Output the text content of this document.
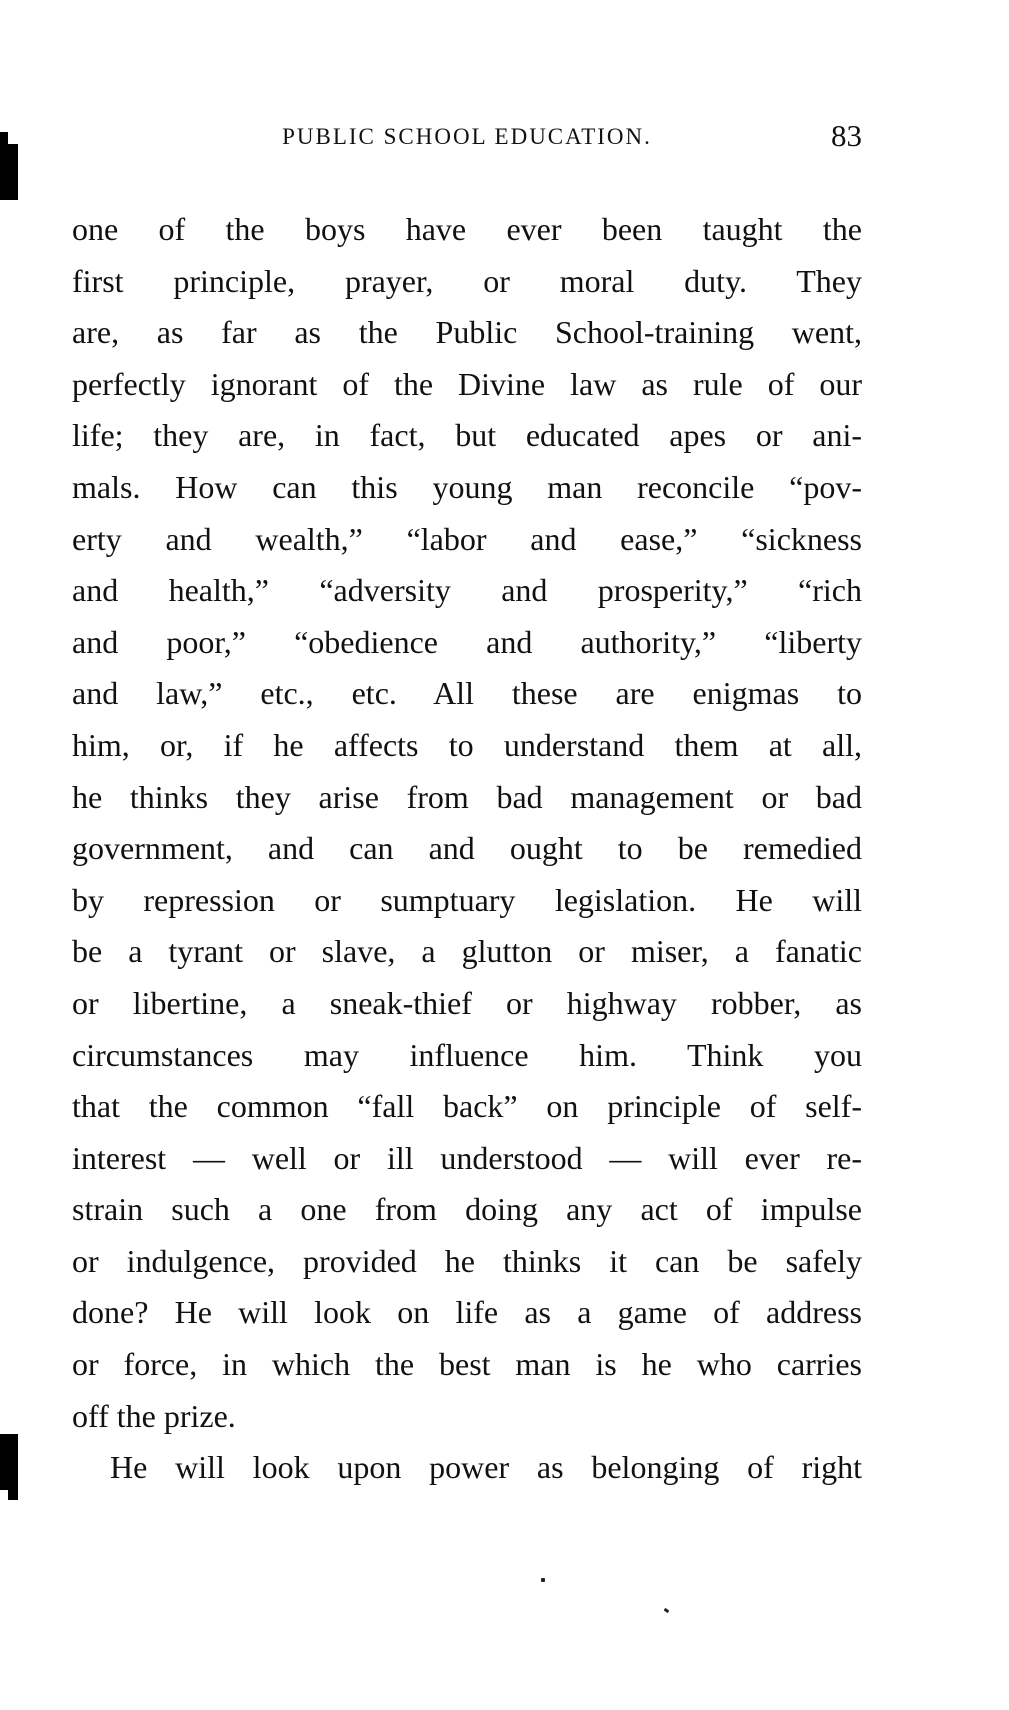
PUBLIC SCHOOL EDUCATION.	83
one of the boys have ever been taught the
first principle, prayer, or moral duty. They
are, as far as the Public School-training went,
perfectly ignorant of the Divine law as rule of our
life; they are, in fact, but educated apes or ani-
mals. How can this young man reconcile “pov-
erty and wealth,” “labor and ease,” “sickness
and health,” “adversity and prosperity,” “rich
and poor,” “obedience and authority,” “liberty
and law,” etc., etc. All these are enigmas to
him, or, if he affects to understand them at all,
he thinks they arise from bad management or bad
government, and can and ought to be remedied
by repression or sumptuary legislation. He will
be a tyrant or slave, a glutton or miser, a fanatic
or libertine, a sneak-thief or highway robber, as
circumstances may influence him. Think you
that the common “fall back” on principle of self-
interest — well or ill understood — will ever re-
strain such a one from doing any act of impulse
or indulgence, provided he thinks it can be safely
done? He will look on life as a game of address
or force, in which the best man is he who carries
off the prize.
He will look upon power as belonging of right
